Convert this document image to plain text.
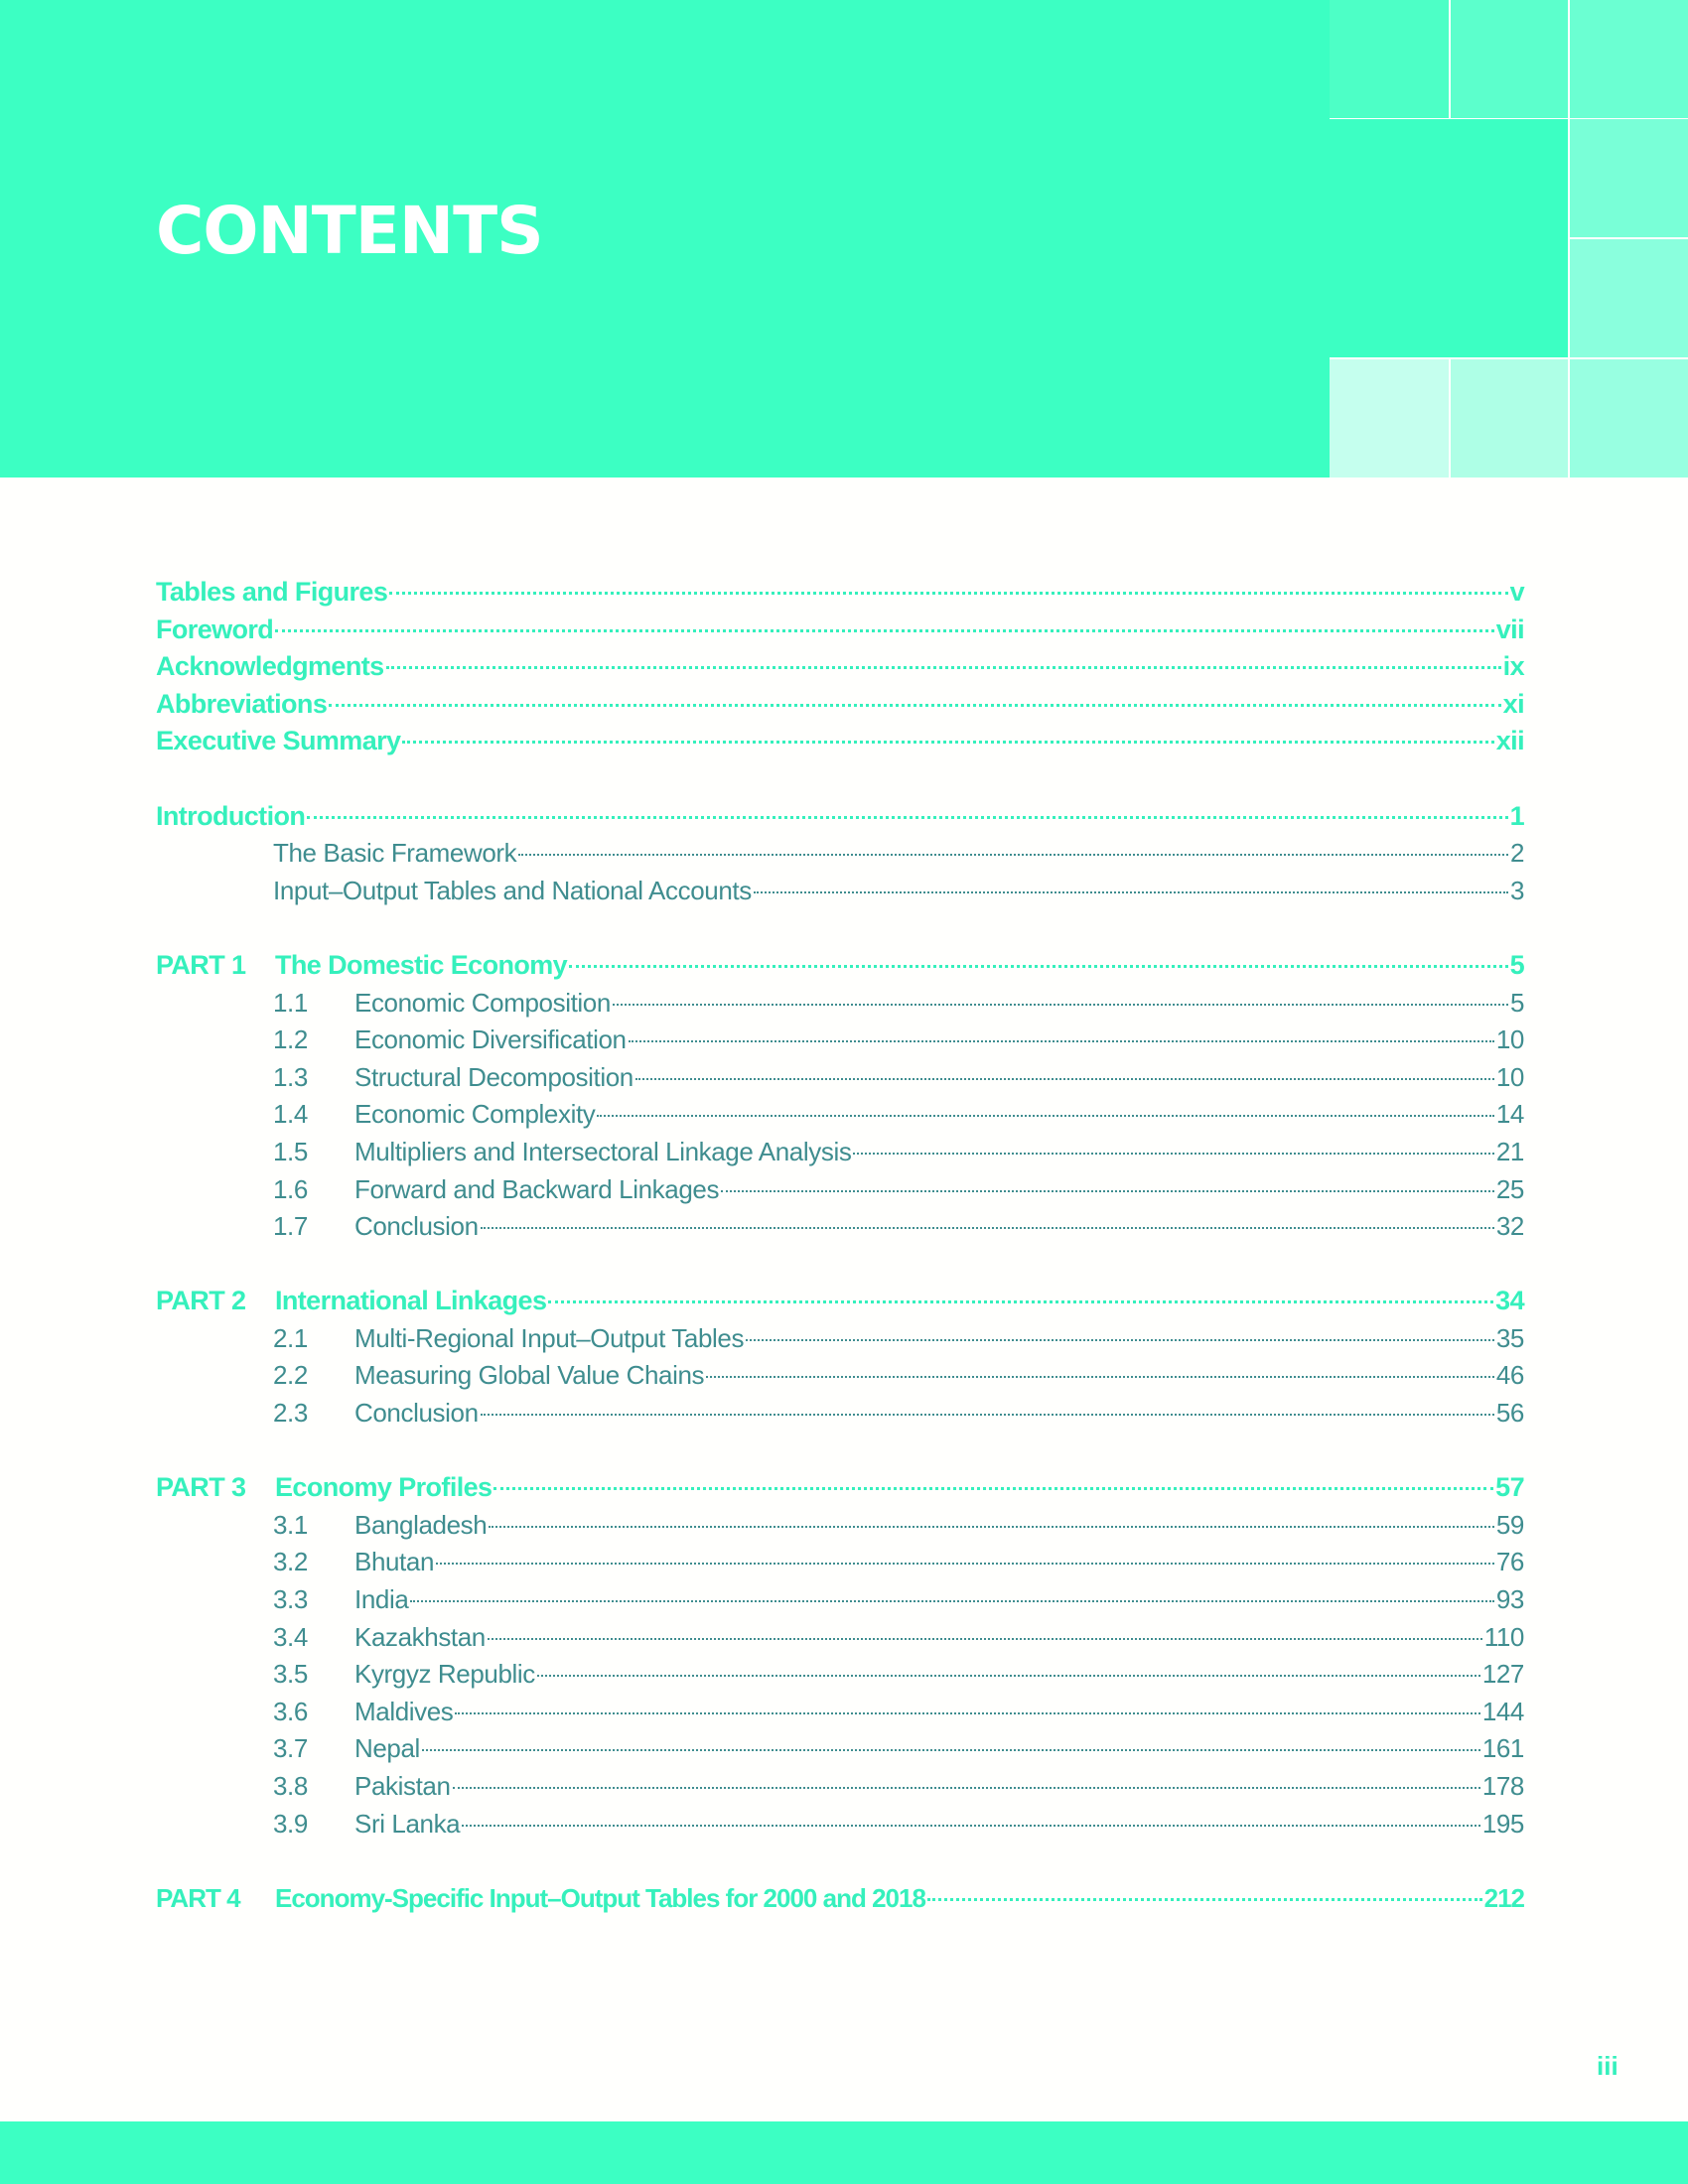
CONTENTS
Tables and Figures	v
Foreword	vii
Acknowledgments	ix
Abbreviations	xi
Executive Summary	xii
Introduction	1
The Basic Framework	2
Input–Output Tables and National Accounts	3
PART 1	The Domestic Economy	5
1.1	Economic Composition	5
1.2	Economic Diversification	10
1.3	Structural Decomposition	10
1.4	Economic Complexity	14
1.5	Multipliers and Intersectoral Linkage Analysis	21
1.6	Forward and Backward Linkages	25
1.7	Conclusion	32
PART 2	International Linkages	34
2.1	Multi-Regional Input–Output Tables	35
2.2	Measuring Global Value Chains	46
2.3	Conclusion	56
PART 3	Economy Profiles	57
3.1	Bangladesh	59
3.2	Bhutan	76
3.3	India	93
3.4	Kazakhstan	110
3.5	Kyrgyz Republic	127
3.6	Maldives	144
3.7	Nepal	161
3.8	Pakistan	178
3.9	Sri Lanka	195
PART 4	Economy-Specific Input–Output Tables for 2000 and 2018	212
iii
